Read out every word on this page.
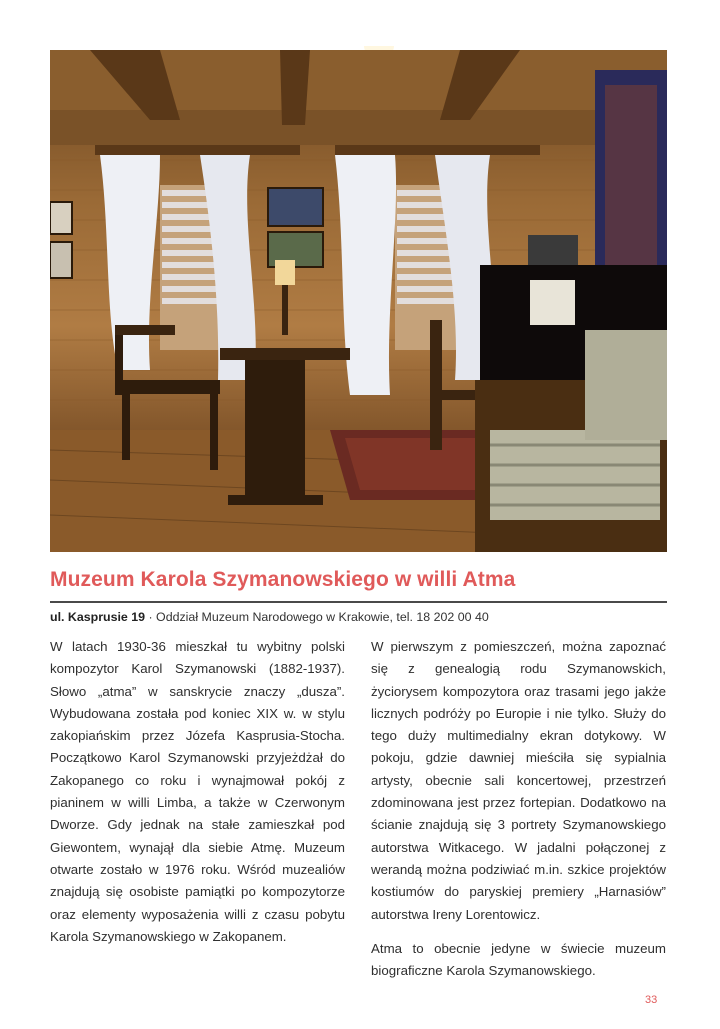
Muzeum Karola Szymanowskiego w willi Atma
ul. Kasprusie 19 · Oddział Muzeum Narodowego w Krakowie, tel. 18 202 00 40

W latach 1930-36 mieszkał tu wybitny polski kompozytor Karol Szymanowski (1882-1937). Słowo „atma” w sanskrycie znaczy „dusza”. Wybudowana została pod koniec XIX w. w stylu zakopiańskim przez Józefa Kasprusia-Stocha. Początkowo Karol Szymanowski przyjeżdżał do Zakopanego co roku i wynajmował pokój z pianinem w willi Limba, a także w Czerwonym Dworze. Gdy jednak na stałe zamieszkał pod Giewontem, wynajął dla siebie Atmę. Muzeum otwarte zostało w 1976 roku. Wśród muzealiów znajdują się osobiste pamiątki po kompozytorze oraz elementy wyposażenia willi z czasu pobytu Karola Szymanowskiego w Zakopanem.

W pierwszym z pomieszczeń, można zapoznać się z genealogią rodu Szymanowskich, życiorysem kompozytora oraz trasami jego jakże licznych podróży po Europie i nie tylko. Służy do tego duży multimedialny ekran dotykowy. W pokoju, gdzie dawniej mieściła się sypialnia artysty, obecnie sali koncertowej, przestrzeń zdominowana jest przez fortepian. Dodatkowo na ścianie znajdują się 3 portrety Szymanowskiego autorstwa Witkacego. W jadalni połączonej z werandą można podziwiać m.in. szkice projektów kostiumów do paryskiej premiery „Harnasiów” autorstwa Ireny Lorentowicz.

Atma to obecnie jedyne w świecie muzeum biograficzne Karola Szymanowskiego.

33
